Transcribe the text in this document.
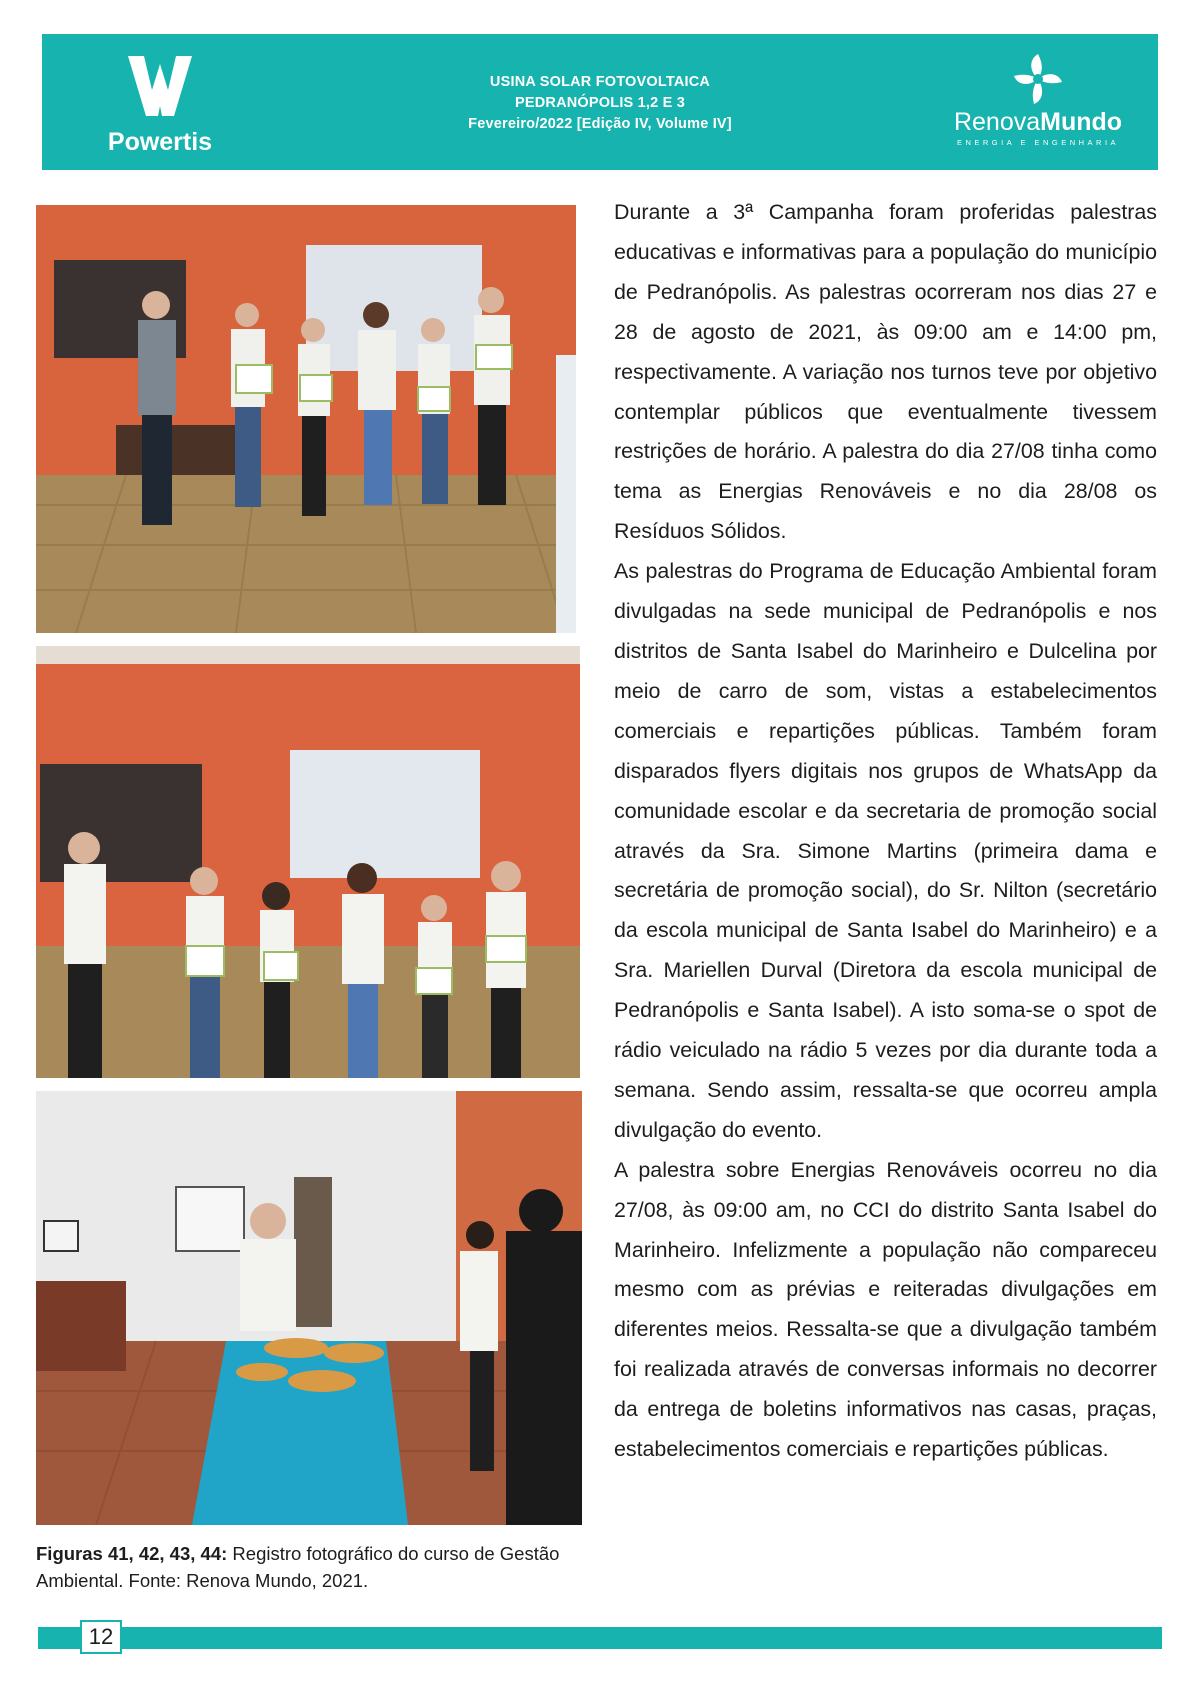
Powertis
USINA SOLAR FOTOVOLTAICA
PEDRANÓPOLIS 1,2 E 3
Fevereiro/2022 [Edição IV, Volume IV]	RenovaMundo
ENERGIA E ENGENHARIA
Figuras 41, 42, 43, 44: Registro fotográfico do curso de Gestão Ambiental. Fonte: Renova Mundo, 2021.

Durante a 3ª Campanha foram proferidas palestras educativas e informativas para a população do município de Pedranópolis. As palestras ocorreram nos dias 27 e 28 de agosto de 2021, às 09:00 am e 14:00 pm, respectivamente. A variação nos turnos teve por objetivo contemplar públicos que eventualmente tivessem restrições de horário. A palestra do dia 27/08 tinha como tema as Energias Renováveis e no dia 28/08 os Resíduos Sólidos.

As palestras do Programa de Educação Ambiental foram divulgadas na sede municipal de Pedranópolis e nos distritos de Santa Isabel do Marinheiro e Dulcelina por meio de carro de som, vistas a estabelecimentos comerciais e repartições públicas. Também foram disparados flyers digitais nos grupos de WhatsApp da comunidade escolar e da secretaria de promoção social através da Sra. Simone Martins (primeira dama e secretária de promoção social), do Sr. Nilton (secretário da escola municipal de Santa Isabel do Marinheiro) e a Sra. Mariellen Durval (Diretora da escola municipal de Pedranópolis e Santa Isabel). A isto soma-se o spot de rádio veiculado na rádio 5 vezes por dia durante toda a semana. Sendo assim, ressalta-se que ocorreu ampla divulgação do evento.

A palestra sobre Energias Renováveis ocorreu no dia 27/08, às 09:00 am, no CCI do distrito Santa Isabel do Marinheiro. Infelizmente a população não compareceu mesmo com as prévias e reiteradas divulgações em diferentes meios. Ressalta-se que a divulgação também foi realizada através de conversas informais no decorrer da entrega de boletins informativos nas casas, praças, estabelecimentos comerciais e repartições públicas.

12
